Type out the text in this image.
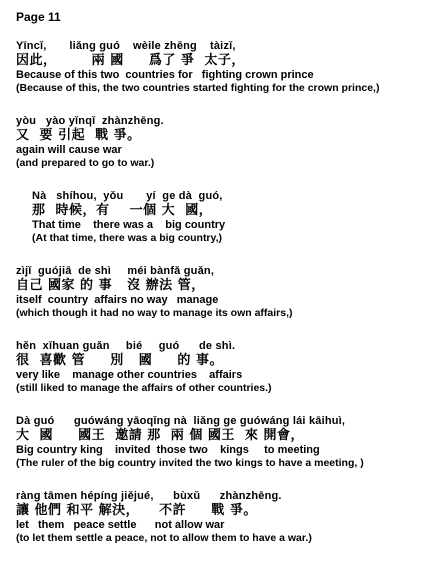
Page 11
Yīncǐ,       liǎng guó    wèile zhēng    tàizǐ,
因此，       兩 國     爲了 爭  太子，
Because of this two  countries for   fighting crown prince
(Because of this, the two countries started fighting for the crown prince,)
yòu   yào yǐnqǐ  zhànzhēng.
又  要 引起  戰 爭。
again will cause war
(and prepared to go to war.)
Nà   shíhou,  yǒu       yí  ge dà  guó,
那  時候，有    一個 大  國，
That time    there was a    big country
(At that time, there was a big country,)
zìjǐ  guójiā  de shì     méi bànfǎ guǎn,
自己 國家 的 事   沒 辦法 管，
itself  country  affairs no way   manage
(which though it had no way to manage its own affairs,)
hěn  xǐhuan guǎn     bié     guó      de shì.
很  喜歡 管     別   國     的 事。
very like    manage other countries    affairs
(still liked to manage the affairs of other countries.)
Dà guó      guówáng yāoqǐng nà  liǎng ge guówáng lái kāihuì,
大  國     國王  邀請 那  兩 個 國王  來 開會，
Big country king    invited  those two    kings     to meeting
(The ruler of the big country invited the two kings to have a meeting, )
ràng tāmen hépíng jiějué,      bùxǔ      zhànzhēng.
讓 他們 和平 解決，    不許     戰 爭。
let   them   peace settle      not allow war
(to let them settle a peace, not to allow them to have a war.)
